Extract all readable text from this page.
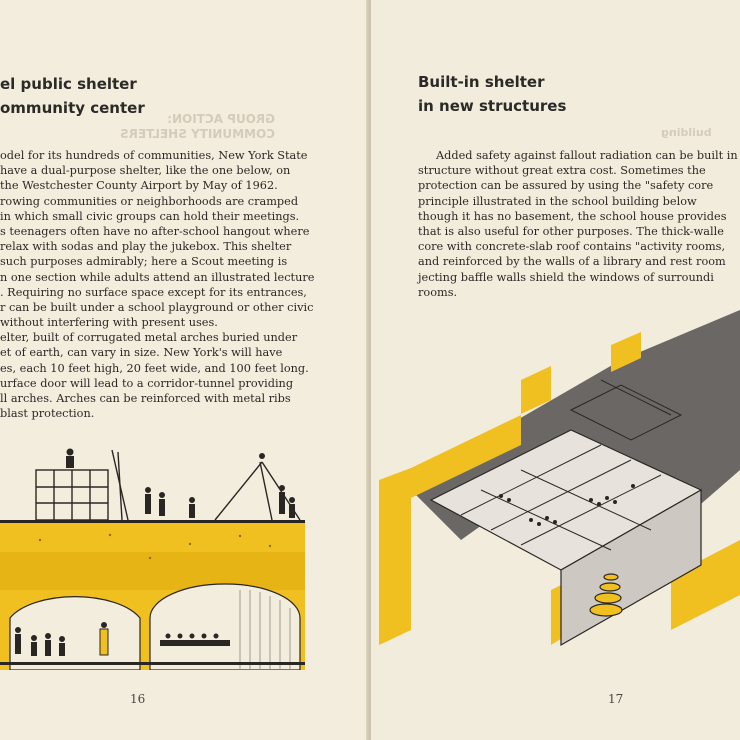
GROUP ACTION:
COMMUNITY SHELTERS
el public shelter
ommunity center
odel for its hundreds of communities, New York State
have a dual-purpose shelter, like the one below, on
the Westchester County Airport by May of 1962.
rowing communities or neighborhoods are cramped
in which small civic groups can hold their meetings.
s teenagers often have no after-school hangout where
relax with sodas and play the jukebox. This shelter
such purposes admirably; here a Scout meeting is
n one section while adults attend an illustrated lecture
. Requiring no surface space except for its entrances,
r can be built under a school playground or other civic
without interfering with present uses.
elter, built of corrugated metal arches buried under
et of earth, can vary in size. New York's will have
es, each 10 feet high, 20 feet wide, and 100 feet long.
urface door will lead to a corridor-tunnel providing
ll arches. Arches can be reinforced with metal ribs
blast protection.
16
building
Built-in shelter
in new structures
Added safety against fallout radiation can be built in
structure without great extra cost. Sometimes the
protection can be assured by using the "safety core
principle illustrated in the school building below
though it has no basement, the school house provides
that is also useful for other purposes. The thick-walle
core with concrete-slab roof contains "activity rooms,
and reinforced by the walls of a library and rest room
jecting baffle walls shield the windows of surroundi
rooms.
17
